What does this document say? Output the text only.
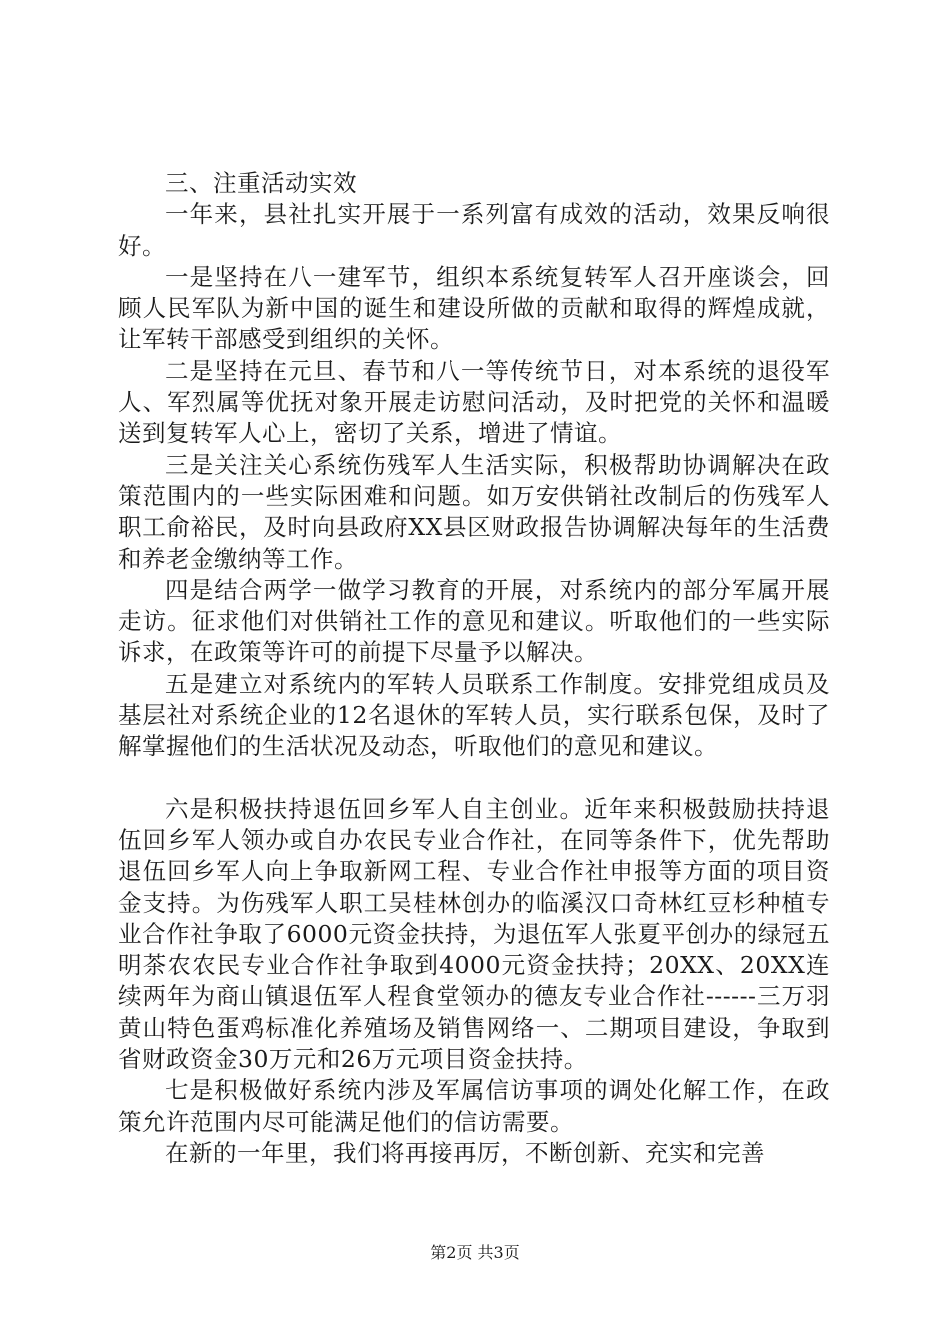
三、注重活动实效

一年来，县社扎实开展于一系列富有成效的活动，效果反响很好。

一是坚持在八一建军节，组织本系统复转军人召开座谈会，回顾人民军队为新中国的诞生和建设所做的贡献和取得的辉煌成就，让军转干部感受到组织的关怀。

二是坚持在元旦、春节和八一等传统节日，对本系统的退役军人、军烈属等优抚对象开展走访慰问活动，及时把党的关怀和温暖送到复转军人心上，密切了关系，增进了情谊。

三是关注关心系统伤残军人生活实际，积极帮助协调解决在政策范围内的一些实际困难和问题。如万安供销社改制后的伤残军人职工俞裕民，及时向县政府XX县区财政报告协调解决每年的生活费和养老金缴纳等工作。

四是结合两学一做学习教育的开展，对系统内的部分军属开展走访。征求他们对供销社工作的意见和建议。听取他们的一些实际诉求，在政策等许可的前提下尽量予以解决。

五是建立对系统内的军转人员联系工作制度。安排党组成员及基层社对系统企业的12名退休的军转人员，实行联系包保，及时了解掌握他们的生活状况及动态，听取他们的意见和建议。

六是积极扶持退伍回乡军人自主创业。近年来积极鼓励扶持退伍回乡军人领办或自办农民专业合作社，在同等条件下，优先帮助退伍回乡军人向上争取新网工程、专业合作社申报等方面的项目资金支持。为伤残军人职工吴桂林创办的临溪汉口奇林红豆杉种植专业合作社争取了6000元资金扶持，为退伍军人张夏平创办的绿冠五明茶农农民专业合作社争取到4000元资金扶持；20XX、20XX连续两年为商山镇退伍军人程食堂领办的德友专业合作社------三万羽黄山特色蛋鸡标准化养殖场及销售网络一、二期项目建设，争取到省财政资金30万元和26万元项目资金扶持。

七是积极做好系统内涉及军属信访事项的调处化解工作，在政策允许范围内尽可能满足他们的信访需要。

在新的一年里，我们将再接再厉，不断创新、充实和完善

第2页 共3页
